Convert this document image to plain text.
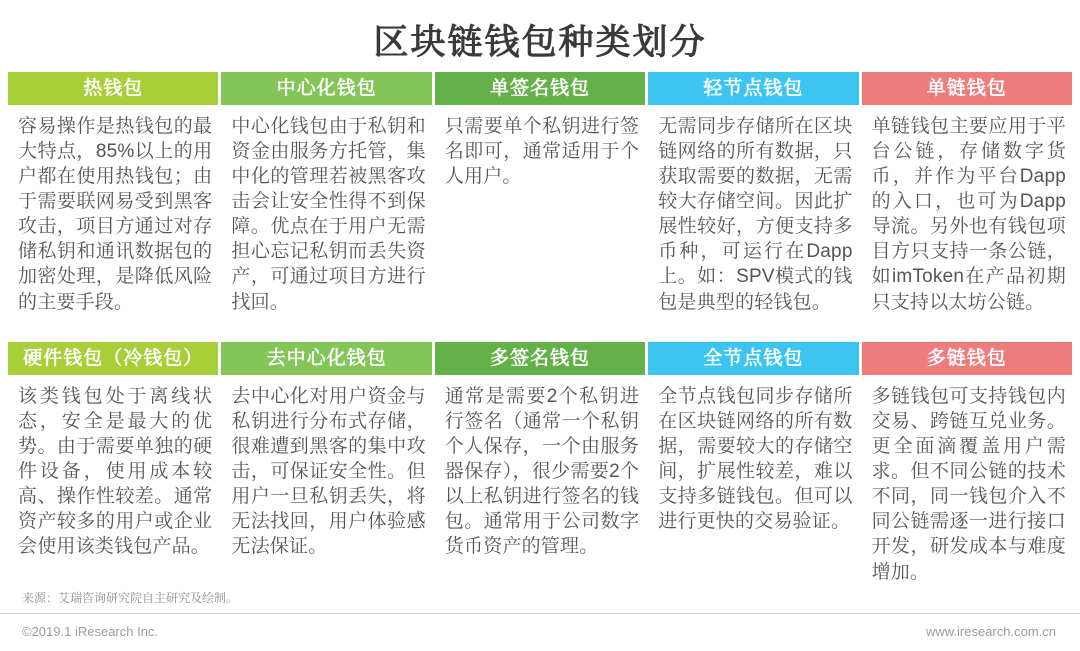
区块链钱包种类划分
热钱包
容易操作是热钱包的最大特点，85%以上的用户都在使用热钱包；由于需要联网易受到黑客攻击，项目方通过对存储私钥和通讯数据包的加密处理，是降低风险的主要手段。
中心化钱包
中心化钱包由于私钥和资金由服务方托管，集中化的管理若被黑客攻击会让安全性得不到保障。优点在于用户无需担心忘记私钥而丢失资产，可通过项目方进行找回。
单签名钱包
只需要单个私钥进行签名即可，通常适用于个人用户。
轻节点钱包
无需同步存储所在区块链网络的所有数据，只获取需要的数据，无需较大存储空间。因此扩展性较好，方便支持多币种，可运行在Dapp上。如：SPV模式的钱包是典型的轻钱包。
单链钱包
单链钱包主要应用于平台公链，存储数字货币，并作为平台Dapp的入口，也可为Dapp导流。另外也有钱包项目方只支持一条公链，如imToken在产品初期只支持以太坊公链。
硬件钱包（冷钱包）
该类钱包处于离线状态，安全是最大的优势。由于需要单独的硬件设备，使用成本较高、操作性较差。通常资产较多的用户或企业会使用该类钱包产品。
去中心化钱包
去中心化对用户资金与私钥进行分布式存储，很难遭到黑客的集中攻击，可保证安全性。但用户一旦私钥丢失，将无法找回，用户体验感无法保证。
多签名钱包
通常是需要2个私钥进行签名（通常一个私钥个人保存，一个由服务器保存），很少需要2个以上私钥进行签名的钱包。通常用于公司数字货币资产的管理。
全节点钱包
全节点钱包同步存储所在区块链网络的所有数据，需要较大的存储空间，扩展性较差，难以支持多链钱包。但可以进行更快的交易验证。
多链钱包
多链钱包可支持钱包内交易、跨链互兑业务。更全面滴覆盖用户需求。但不同公链的技术不同，同一钱包介入不同公链需逐一进行接口开发，研发成本与难度增加。
来源：艾瑞咨询研究院自主研究及绘制。
©2019.1 iResearch Inc.	www.iresearch.com.cn
